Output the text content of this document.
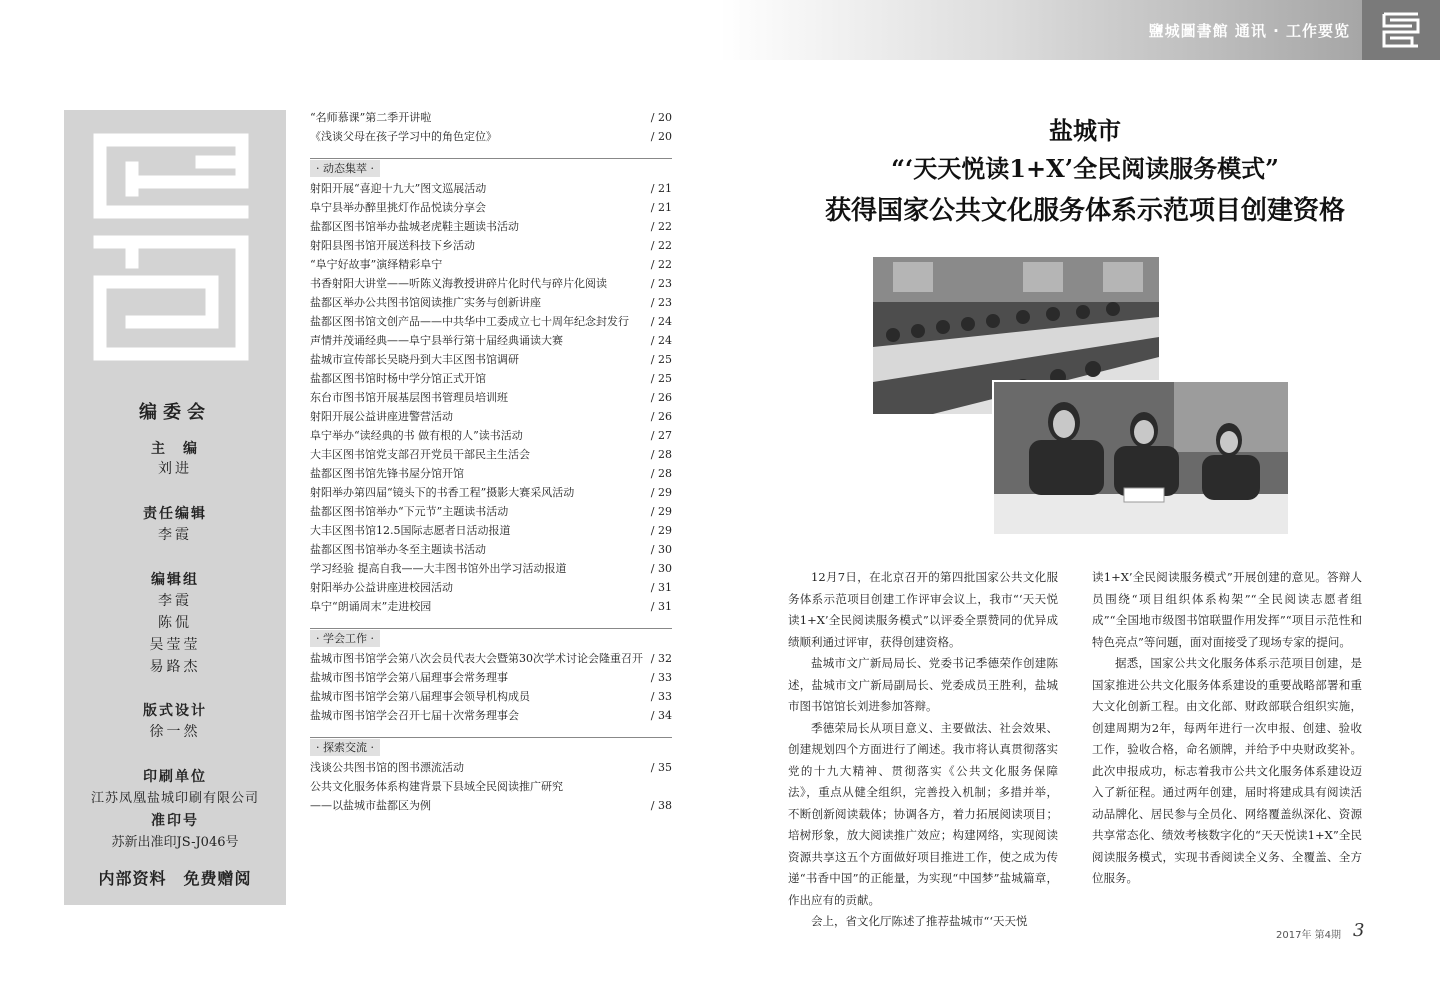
鹽城圖書館 通讯 · 工作要览
编委会
主　编
刘进
责任编辑
李霞
编辑组
李霞
陈侃
吴莹莹
易路杰
版式设计
徐一然
印刷单位
江苏凤凰盐城印刷有限公司
准印号
苏新出准印JS-J046号
内部资料　免费赠阅
“名师慕课”第二季开讲啦	/ 20
《浅谈父母在孩子学习中的角色定位》	/ 20
· 动态集萃 ·
射阳开展“喜迎十九大”图文巡展活动	/ 21
阜宁县举办醉里挑灯作品悦读分享会	/ 21
盐都区图书馆举办盐城老虎鞋主题读书活动	/ 22
射阳县图书馆开展送科技下乡活动	/ 22
“阜宁好故事”演绎精彩阜宁	/ 22
书香射阳大讲堂——听陈义海教授讲碎片化时代与碎片化阅读	/ 23
盐都区举办公共图书馆阅读推广实务与创新讲座	/ 23
盐都区图书馆文创产品——中共华中工委成立七十周年纪念封发行	/ 24
声情并茂诵经典——阜宁县举行第十届经典诵读大赛	/ 24
盐城市宣传部长吴晓丹到大丰区图书馆调研	/ 25
盐都区图书馆时杨中学分馆正式开馆	/ 25
东台市图书馆开展基层图书管理员培训班	/ 26
射阳开展公益讲座进警营活动	/ 26
阜宁举办“读经典的书 做有根的人”读书活动	/ 27
大丰区图书馆党支部召开党员干部民主生活会	/ 28
盐都区图书馆先锋书屋分馆开馆	/ 28
射阳举办第四届“镜头下的书香工程”摄影大赛采风活动	/ 29
盐都区图书馆举办“下元节”主题读书活动	/ 29
大丰区图书馆12.5国际志愿者日活动报道	/ 29
盐都区图书馆举办冬至主题读书活动	/ 30
学习经验 提高自我——大丰图书馆外出学习活动报道	/ 30
射阳举办公益讲座进校园活动	/ 31
阜宁“朗诵周末”走进校园	/ 31
· 学会工作 ·
盐城市图书馆学会第八次会员代表大会暨第30次学术讨论会隆重召开 / 32
盐城市图书馆学会第八届理事会常务理事	/ 33
盐城市图书馆学会第八届理事会领导机构成员	/ 33
盐城市图书馆学会召开七届十次常务理事会	/ 34
· 探索交流 ·
浅谈公共图书馆的图书漂流活动	/ 35
公共文化服务体系构建背景下县域全民阅读推广研究
——以盐城市盐都区为例	/ 38
盐城市
“‘天天悦读1+X’全民阅读服务模式”
获得国家公共文化服务体系示范项目创建资格

12月7日，在北京召开的第四批国家公共文化服务体系示范项目创建工作评审会议上，我市“‘天天悦读1+X’全民阅读服务模式”以评委全票赞同的优异成绩顺利通过评审，获得创建资格。

盐城市文广新局局长、党委书记季德荣作创建陈述，盐城市文广新局副局长、党委成员王胜利，盐城市图书馆馆长刘进参加答辩。

季德荣局长从项目意义、主要做法、社会效果、创建规划四个方面进行了阐述。我市将认真贯彻落实党的十九大精神、贯彻落实《公共文化服务保障法》，重点从健全组织，完善投入机制；多措并举，不断创新阅读载体；协调各方，着力拓展阅读项目；培树形象，放大阅读推广效应；构建网络，实现阅读资源共享这五个方面做好项目推进工作，使之成为传递“书香中国”的正能量，为实现“中国梦”盐城篇章，作出应有的贡献。

会上，省文化厅陈述了推荐盐城市“‘天天悦

读1+X’全民阅读服务模式”开展创建的意见。答辩人员围绕“项目组织体系构架”“全民阅读志愿者组成”“全国地市级图书馆联盟作用发挥”“项目示范性和特色亮点”等问题，面对面接受了现场专家的提问。

据悉，国家公共文化服务体系示范项目创建，是国家推进公共文化服务体系建设的重要战略部署和重大文化创新工程。由文化部、财政部联合组织实施，创建周期为2年，每两年进行一次申报、创建、验收工作，验收合格，命名颁牌，并给予中央财政奖补。此次申报成功，标志着我市公共文化服务体系建设迈入了新征程。通过两年创建，届时将建成具有阅读活动品牌化、居民参与全员化、网络覆盖纵深化、资源共享常态化、绩效考核数字化的“天天悦读1+X”全民阅读服务模式，实现书香阅读全义务、全覆盖、全方位服务。

2017年 第4期 3
